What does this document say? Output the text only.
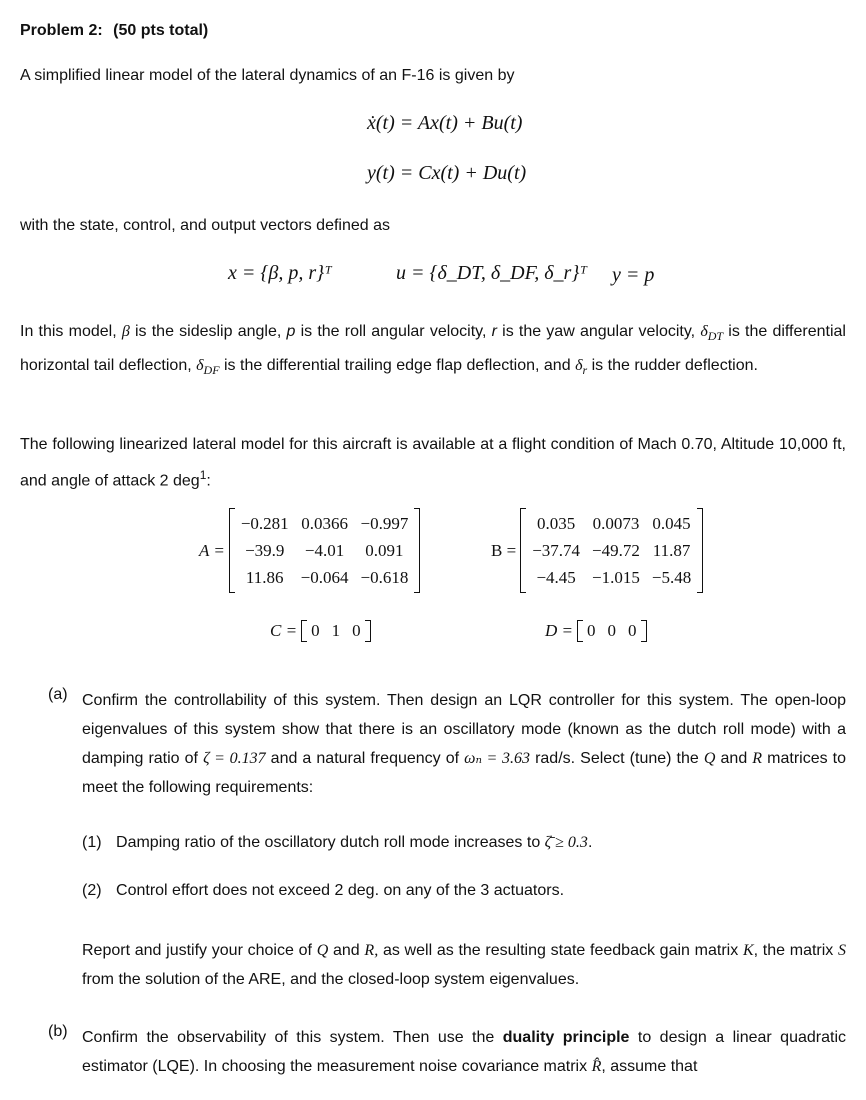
Problem 2: (50 pts total)
A simplified linear model of the lateral dynamics of an F-16 is given by
ẋ(t) = Ax(t) + Bu(t)
y(t) = Cx(t) + Du(t)
with the state, control, and output vectors defined as
x = {β, p, r}ᵀ	u = {δ_DT, δ_DF, δ_r}ᵀ y = p
In this model, β is the sideslip angle, p is the roll angular velocity, r is the yaw angular velocity, $\delta_{DT}$ is the differential horizontal tail deflection, $\delta_{DF}$ is the differential trailing edge flap deflection, and $\delta_r$ is the rudder deflection.
The following linearized lateral model for this aircraft is available at a flight condition of Mach 0.70, Altitude 10,000 ft, and angle of attack 2 deg$^1$:
A =
−0.281	0.0366	−0.997
−39.9	−4.01	0.091
11.86	−0.064	−0.618
B =
0.035	0.0073	0.045
−37.74	−49.72	11.87
−4.45	−1.015	−5.48
C = 0 1 0	D = 0 0 0
(a) Confirm the controllability of this system. Then design an LQR controller for this system. The open-loop eigenvalues of this system show that there is an oscillatory mode (known as the dutch roll mode) with a damping ratio of ζ = 0.137 and a natural frequency of ωₙ = 3.63 rad/s. Select (tune) the Q and R matrices to meet the following requirements:
(1) Damping ratio of the oscillatory dutch roll mode increases to ζ̄ ≥ 0.3.
(2) Control effort does not exceed 2 deg. on any of the 3 actuators.
Report and justify your choice of Q and R, as well as the resulting state feedback gain matrix K, the matrix S from the solution of the ARE, and the closed-loop system eigenvalues.
(b) Confirm the observability of this system. Then use the duality principle to design a linear quadratic estimator (LQE). In choosing the measurement noise covariance matrix R̂, assume that
